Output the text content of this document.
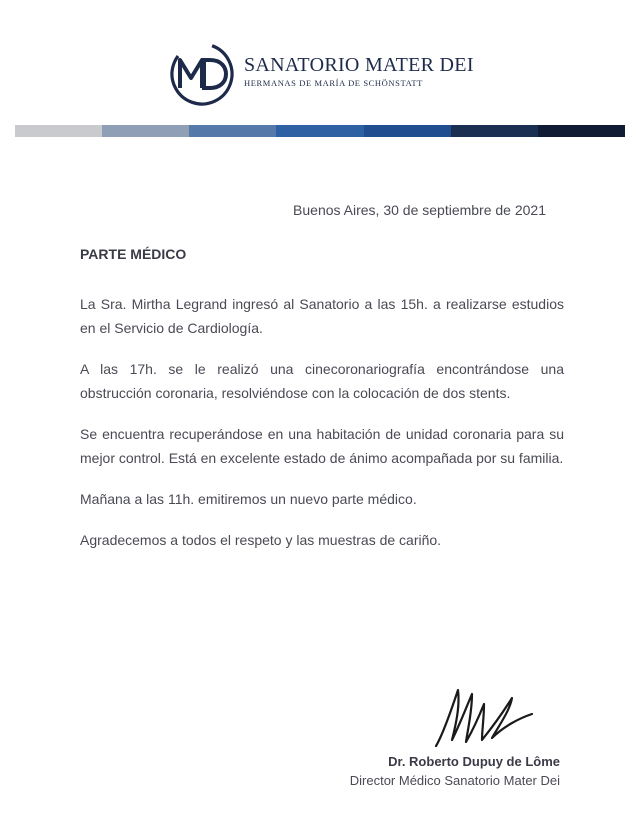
SANATORIO MATER DEI
HERMANAS DE MARÍA DE SCHÖNSTATT
Buenos Aires, 30 de septiembre de 2021
PARTE MÉDICO

La Sra. Mirtha Legrand ingresó al Sanatorio a las 15h. a realizarse estudios en el Servicio de Cardiología.

A las 17h. se le realizó una cinecoronariografía encontrándose una obstrucción coronaria, resolviéndose con la colocación de dos stents.

Se encuentra recuperándose en una habitación de unidad coronaria para su mejor control. Está en excelente estado de ánimo acompañada por su familia.

Mañana a las 11h. emitiremos un nuevo parte médico.

Agradecemos a todos el respeto y las muestras de cariño.

Dr. Roberto Dupuy de Lôme
Director Médico Sanatorio Mater Dei
